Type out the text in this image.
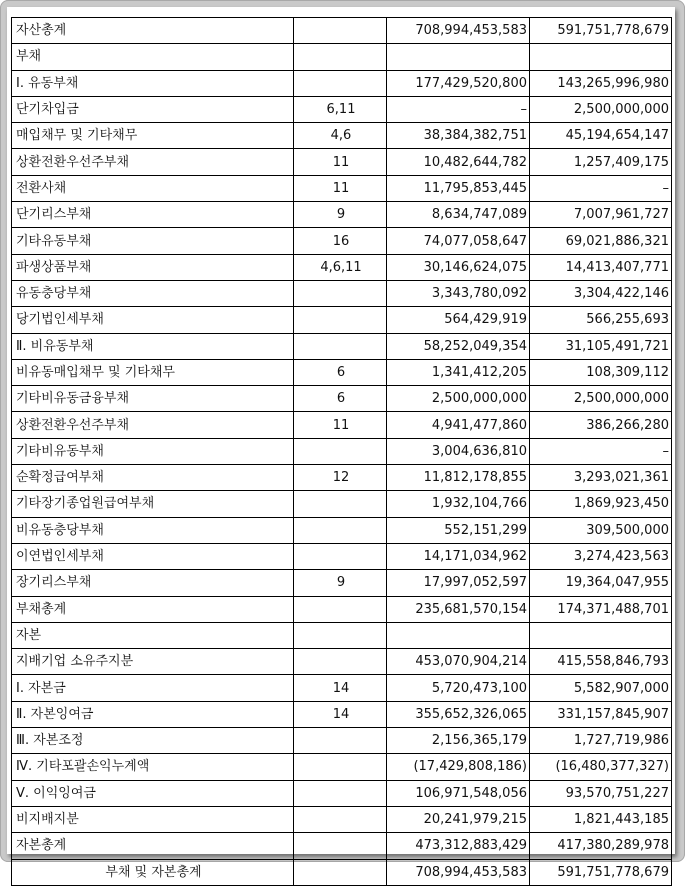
자산총계		708,994,453,583	591,751,778,679
부채			
Ⅰ. 유동부채		177,429,520,800	143,265,996,980
단기차입금	6,11	–	2,500,000,000
매입채무 및 기타채무	4,6	38,384,382,751	45,194,654,147
상환전환우선주부채	11	10,482,644,782	1,257,409,175
전환사채	11	11,795,853,445	–
단기리스부채	9	8,634,747,089	7,007,961,727
기타유동부채	16	74,077,058,647	69,021,886,321
파생상품부채	4,6,11	30,146,624,075	14,413,407,771
유동충당부채		3,343,780,092	3,304,422,146
당기법인세부채		564,429,919	566,255,693
Ⅱ. 비유동부채		58,252,049,354	31,105,491,721
비유동매입채무 및 기타채무	6	1,341,412,205	108,309,112
기타비유동금융부채	6	2,500,000,000	2,500,000,000
상환전환우선주부채	11	4,941,477,860	386,266,280
기타비유동부채		3,004,636,810	–
순확정급여부채	12	11,812,178,855	3,293,021,361
기타장기종업원급여부채		1,932,104,766	1,869,923,450
비유동충당부채		552,151,299	309,500,000
이연법인세부채		14,171,034,962	3,274,423,563
장기리스부채	9	17,997,052,597	19,364,047,955
부채총계		235,681,570,154	174,371,488,701
자본			
지배기업 소유주지분		453,070,904,214	415,558,846,793
Ⅰ. 자본금	14	5,720,473,100	5,582,907,000
Ⅱ. 자본잉여금	14	355,652,326,065	331,157,845,907
Ⅲ. 자본조정		2,156,365,179	1,727,719,986
Ⅳ. 기타포괄손익누계액		(17,429,808,186)	(16,480,377,327)
Ⅴ. 이익잉여금		106,971,548,056	93,570,751,227
비지배지분		20,241,979,215	1,821,443,185
자본총계		473,312,883,429	417,380,289,978
부채 및 자본총계		708,994,453,583	591,751,778,679
